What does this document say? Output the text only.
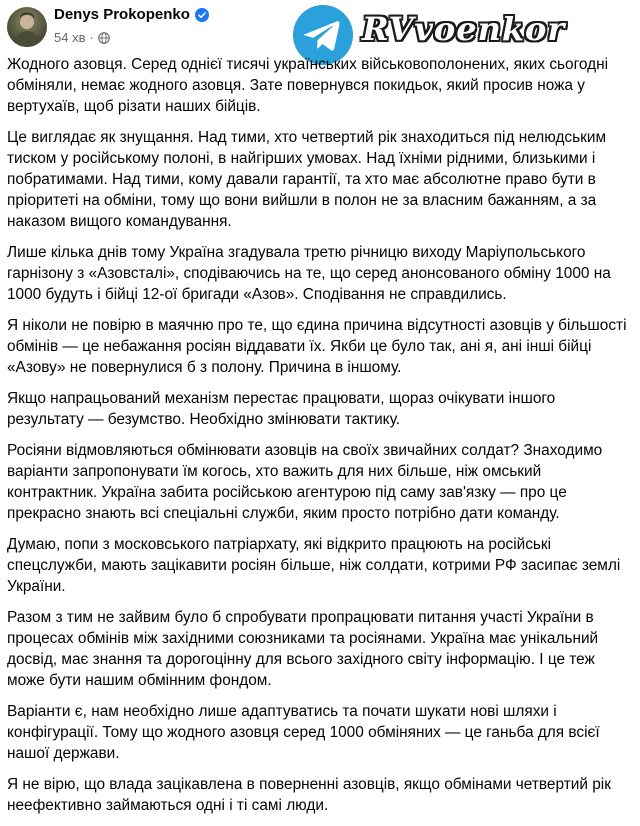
Denys Prokopenko
54 хв ·	RVvoenkor

Жодного азовця. Серед однієї тисячі українських військовополонених, яких сьогодні обміняли, немає жодного азовця. Зате повернувся покидьок, який просив ножа у вертухаїв, щоб різати наших бійців.

Це виглядає як знущання. Над тими, хто четвертий рік знаходиться під нелюдським тиском у російському полоні, в найгірших умовах. Над їхніми рідними, близькими і побратимами. Над тими, кому давали гарантії, та хто має абсолютне право бути в пріоритеті на обміни, тому що вони вийшли в полон не за власним бажанням, а за наказом вищого командування.

Лише кілька днів тому Україна згадувала третю річницю виходу Маріупольського гарнізону з «Азовсталі», сподіваючись на те, що серед анонсованого обміну 1000 на 1000 будуть і бійці 12-ої бригади «Азов». Сподівання не справдились.

Я ніколи не повірю в маячню про те, що єдина причина відсутності азовців у більшості обмінів — це небажання росіян віддавати їх. Якби це було так, ані я, ані інші бійці «Азову» не повернулися б з полону. Причина в іншому.

Якщо напрацьований механізм перестає працювати, щораз очікувати іншого результату — безумство. Необхідно змінювати тактику.

Росіяни відмовляються обмінювати азовців на своїх звичайних солдат? Знаходимо варіанти запропонувати їм когось, хто важить для них більше, ніж омський контрактник. Україна забита російською агентурою під саму зав'язку — про це прекрасно знають всі спеціальні служби, яким просто потрібно дати команду.

Думаю, попи з московського патріархату, які відкрито працюють на російські спецслужби, мають зацікавити росіян більше, ніж солдати, котрими РФ засипає землі України.

Разом з тим не зайвим було б спробувати пропрацювати питання участі України в процесах обмінів між західними союзниками та росіянами. Україна має унікальний досвід, має знання та дорогоцінну для всього західного світу інформацію. І це теж може бути нашим обмінним фондом.

Варіанти є, нам необхідно лише адаптуватись та почати шукати нові шляхи і конфігурації. Тому що жодного азовця серед 1000 обміняних — це ганьба для всієї нашої держави.

Я не вірю, що влада зацікавлена в поверненні азовців, якщо обмінами четвертий рік неефективно займаються одні і ті самі люди.
